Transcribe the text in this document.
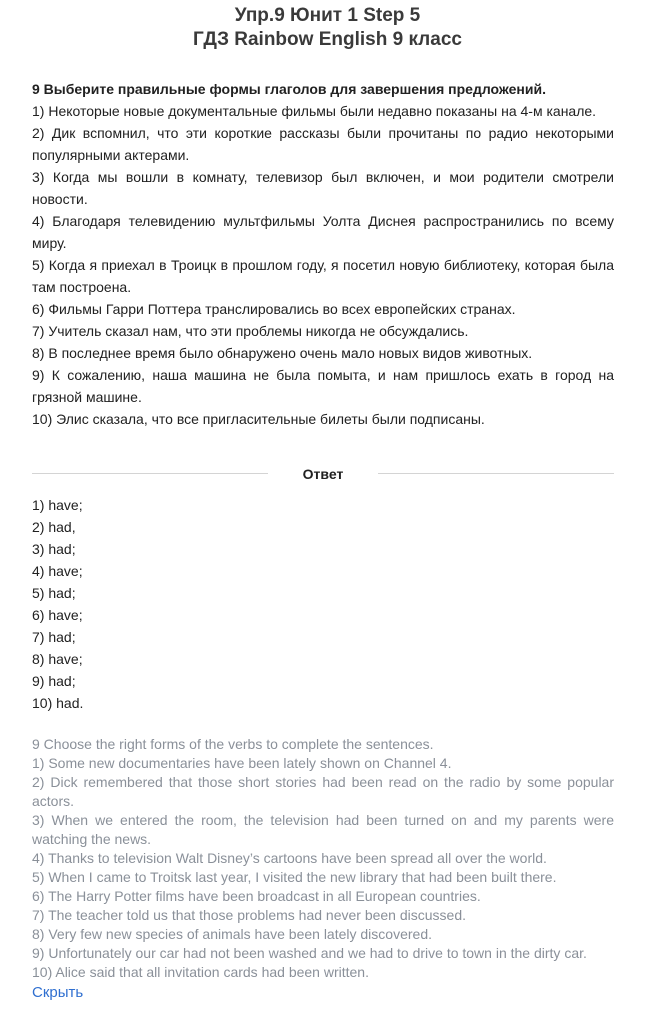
Упр.9 Юнит 1 Step 5
ГДЗ Rainbow English 9 класс

9 Выберите правильные формы глаголов для завершения предложений.

1) Некоторые новые документальные фильмы были недавно показаны на 4-м канале.

2) Дик вспомнил, что эти короткие рассказы были прочитаны по радио некоторыми популярными актерами.

3) Когда мы вошли в комнату, телевизор был включен, и мои родители смотрели новости.

4) Благодаря телевидению мультфильмы Уолта Диснея распространились по всему миру.

5) Когда я приехал в Троицк в прошлом году, я посетил новую библиотеку, которая была там построена.

6) Фильмы Гарри Поттера транслировались во всех европейских странах.

7) Учитель сказал нам, что эти проблемы никогда не обсуждались.

8) В последнее время было обнаружено очень мало новых видов животных.

9) К сожалению, наша машина не была помыта, и нам пришлось ехать в город на грязной машине.

10) Элис сказала, что все пригласительные билеты были подписаны.

Ответ
1) have;
2) had,
3) had;
4) have;
5) had;
6) have;
7) had;
8) have;
9) had;
10) had.

9 Choose the right forms of the verbs to complete the sentences.

1) Some new documentaries have been lately shown on Channel 4.

2) Dick remembered that those short stories had been read on the radio by some popular actors.

3) When we entered the room, the television had been turned on and my parents were watching the news.

4) Thanks to television Walt Disney’s cartoons have been spread all over the world.

5) When I came to Troitsk last year, I visited the new library that had been built there.

6) The Harry Potter films have been broadcast in all European countries.

7) The teacher told us that those problems had never been discussed.

8) Very few new species of animals have been lately discovered.

9) Unfortunately our car had not been washed and we had to drive to town in the dirty car.

10) Alice said that all invitation cards had been written.

Скрыть
